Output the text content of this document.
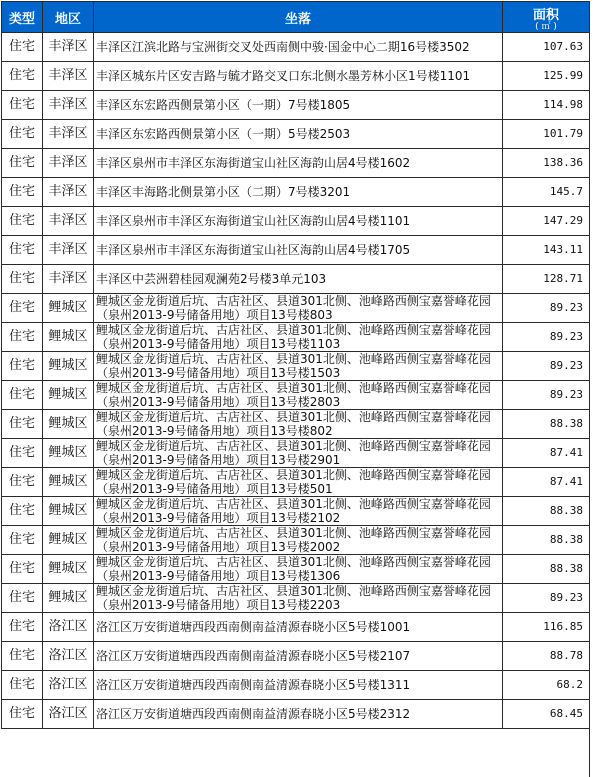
类型	地区	坐落	面积
( ㎡ )

住宅	丰泽区	丰泽区江滨北路与宝洲街交叉处西南侧中骏·国金中心二期16号楼3502	107.63
住宅	丰泽区	丰泽区城东片区安吉路与毓才路交叉口东北侧水墨芳林小区1号楼1101	125.99
住宅	丰泽区	丰泽区东宏路西侧景第小区（一期）7号楼1805	114.98
住宅	丰泽区	丰泽区东宏路西侧景第小区（一期）5号楼2503	101.79
住宅	丰泽区	丰泽区泉州市丰泽区东海街道宝山社区海韵山居4号楼1602	138.36
住宅	丰泽区	丰泽区丰海路北侧景第小区（二期）7号楼3201	145.7
住宅	丰泽区	丰泽区泉州市丰泽区东海街道宝山社区海韵山居4号楼1101	147.29
住宅	丰泽区	丰泽区泉州市丰泽区东海街道宝山社区海韵山居4号楼1705	143.11
住宅	丰泽区	丰泽区中芸洲碧桂园观澜苑2号楼3单元103	128.71
住宅	鲤城区	鲤城区金龙街道后坑、古店社区、县道301北侧、池峰路西侧宝嘉誉峰花园（泉州2013-9号储备用地）项目13号楼803	89.23
住宅	鲤城区	鲤城区金龙街道后坑、古店社区、县道301北侧、池峰路西侧宝嘉誉峰花园（泉州2013-9号储备用地）项目13号楼1103	89.23
住宅	鲤城区	鲤城区金龙街道后坑、古店社区、县道301北侧、池峰路西侧宝嘉誉峰花园（泉州2013-9号储备用地）项目13号楼1503	89.23
住宅	鲤城区	鲤城区金龙街道后坑、古店社区、县道301北侧、池峰路西侧宝嘉誉峰花园（泉州2013-9号储备用地）项目13号楼2803	89.23
住宅	鲤城区	鲤城区金龙街道后坑、古店社区、县道301北侧、池峰路西侧宝嘉誉峰花园（泉州2013-9号储备用地）项目13号楼802	88.38
住宅	鲤城区	鲤城区金龙街道后坑、古店社区、县道301北侧、池峰路西侧宝嘉誉峰花园（泉州2013-9号储备用地）项目13号楼2901	87.41
住宅	鲤城区	鲤城区金龙街道后坑、古店社区、县道301北侧、池峰路西侧宝嘉誉峰花园（泉州2013-9号储备用地）项目13号楼501	87.41
住宅	鲤城区	鲤城区金龙街道后坑、古店社区、县道301北侧、池峰路西侧宝嘉誉峰花园（泉州2013-9号储备用地）项目13号楼2102	88.38
住宅	鲤城区	鲤城区金龙街道后坑、古店社区、县道301北侧、池峰路西侧宝嘉誉峰花园（泉州2013-9号储备用地）项目13号楼2002	88.38
住宅	鲤城区	鲤城区金龙街道后坑、古店社区、县道301北侧、池峰路西侧宝嘉誉峰花园（泉州2013-9号储备用地）项目13号楼1306	88.38
住宅	鲤城区	鲤城区金龙街道后坑、古店社区、县道301北侧、池峰路西侧宝嘉誉峰花园（泉州2013-9号储备用地）项目13号楼2203	89.23
住宅	洛江区	洛江区万安街道塘西段西南侧南益清源春晓小区5号楼1001	116.85
住宅	洛江区	洛江区万安街道塘西段西南侧南益清源春晓小区5号楼2107	88.78
住宅	洛江区	洛江区万安街道塘西段西南侧南益清源春晓小区5号楼1311	68.2
住宅	洛江区	洛江区万安街道塘西段西南侧南益清源春晓小区5号楼2312	68.45
